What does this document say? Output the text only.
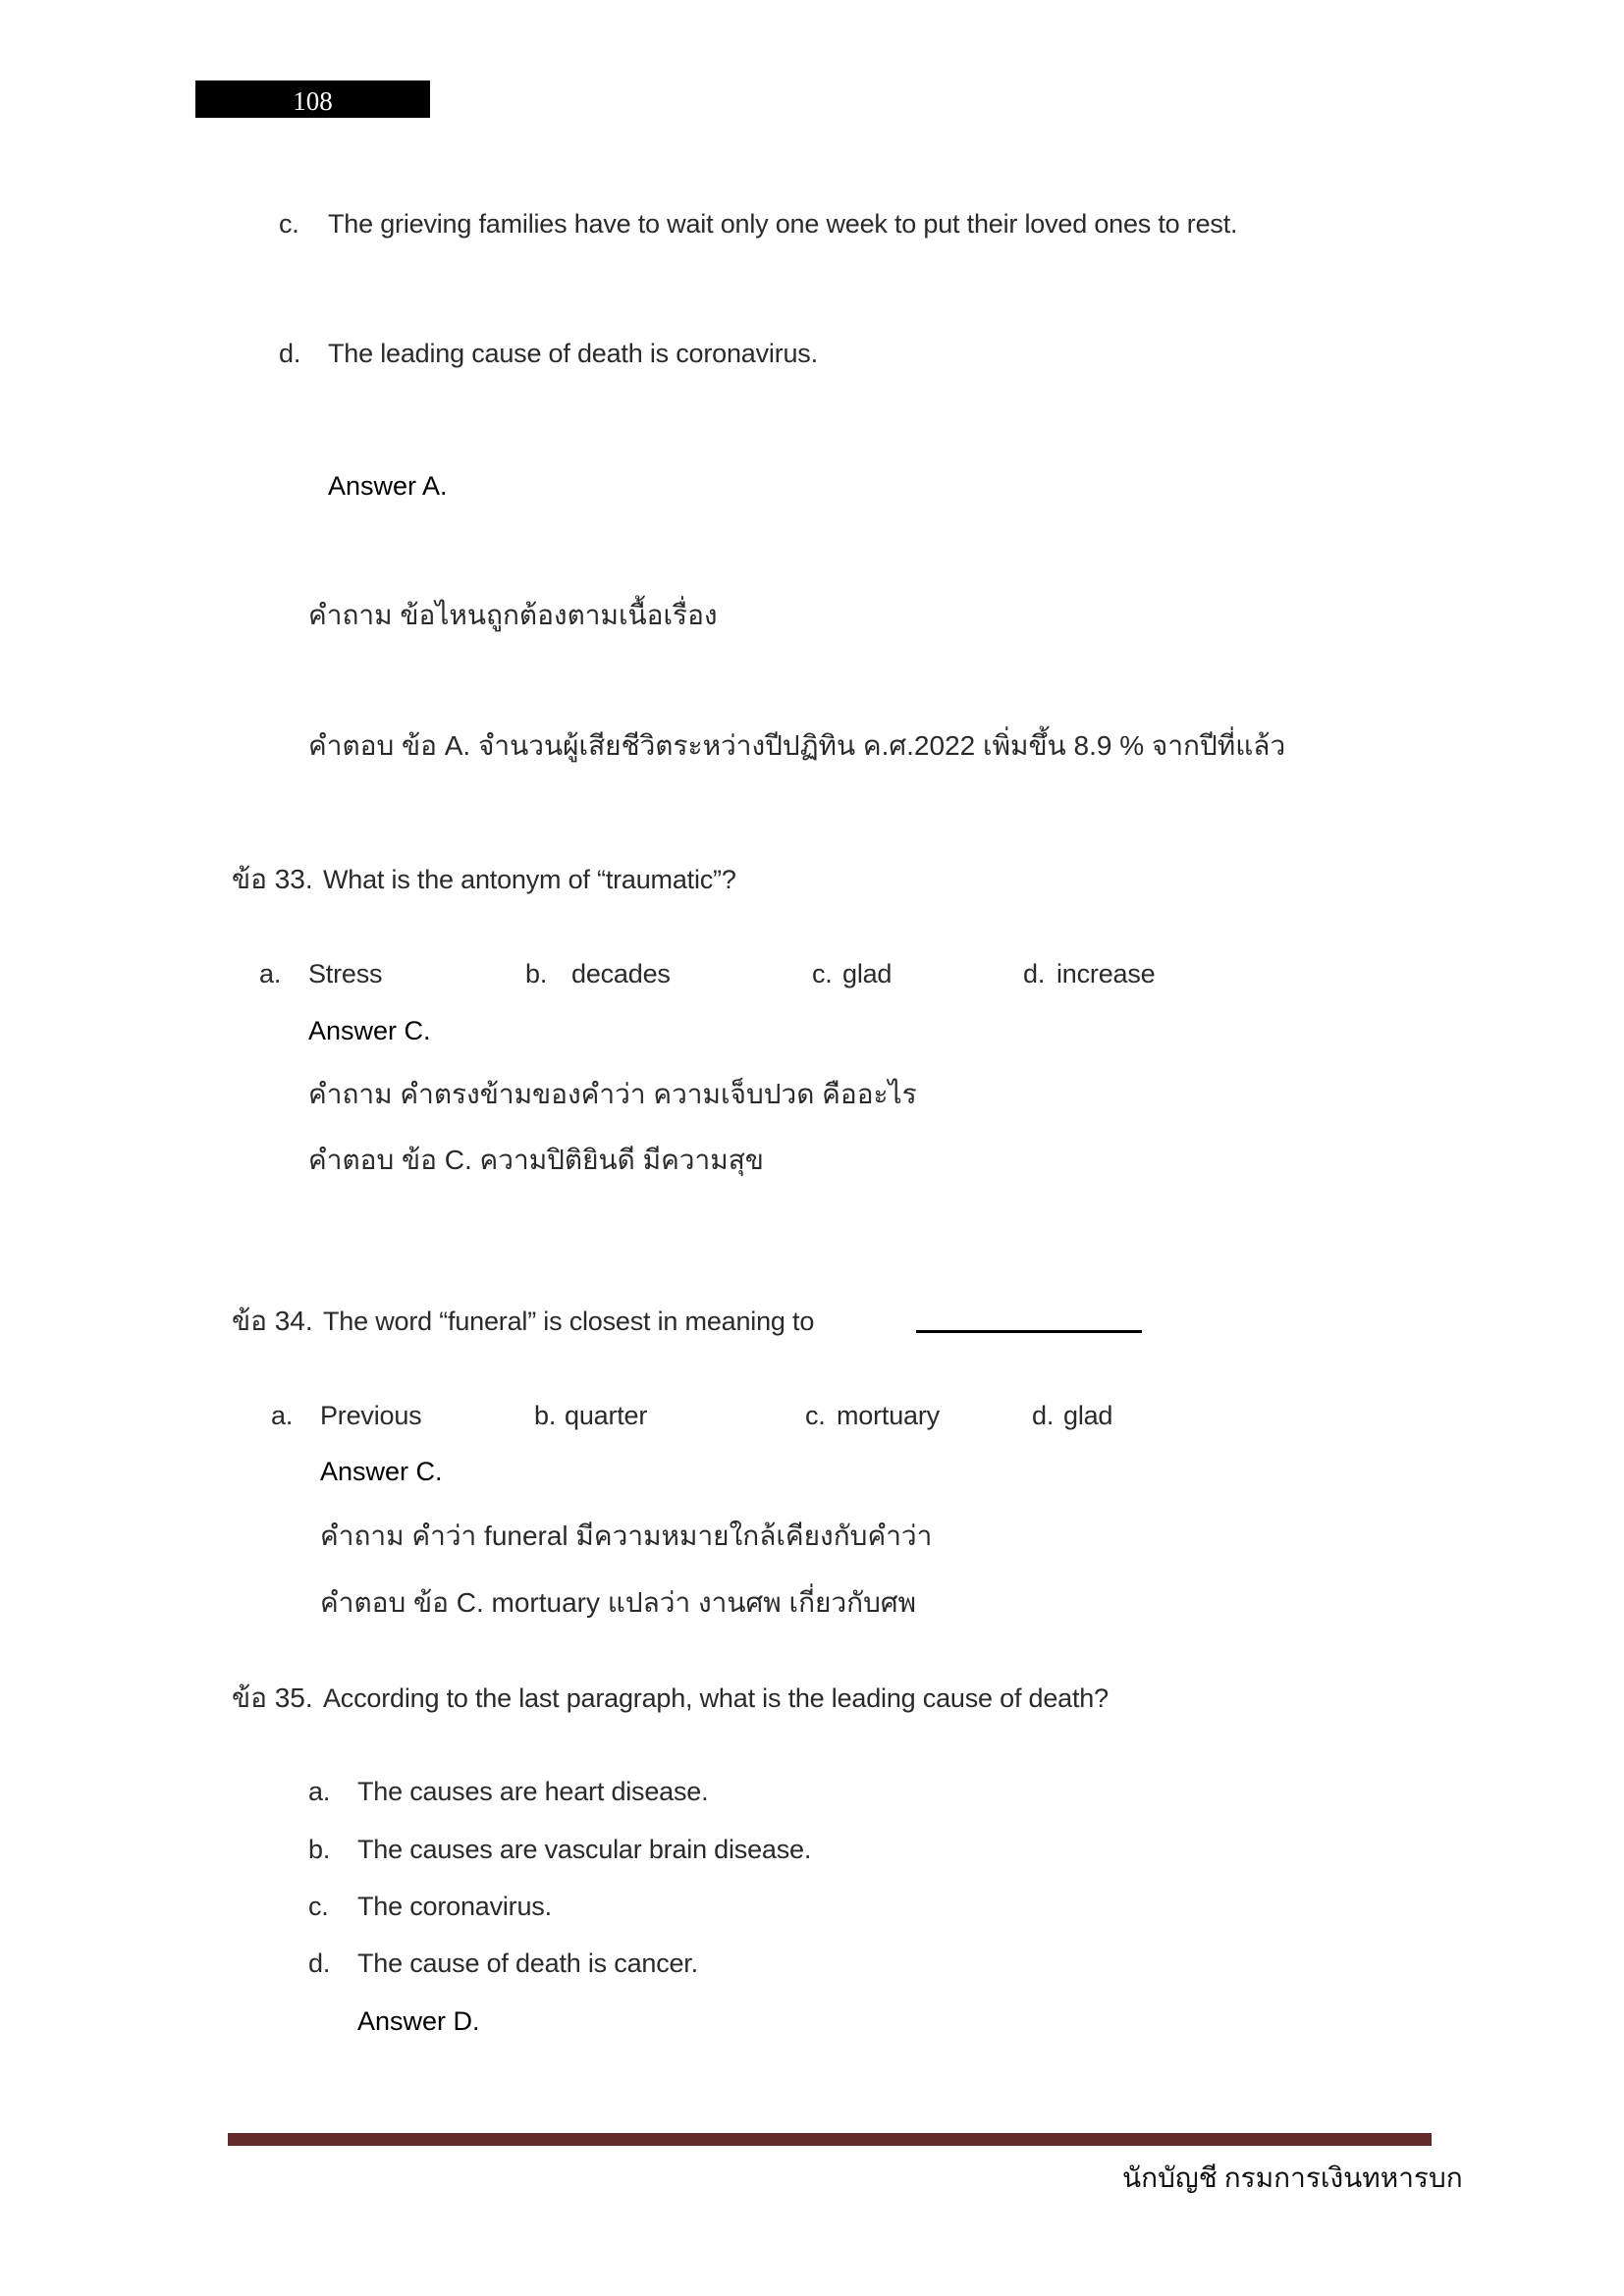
108
c. The grieving families have to wait only one week to put their loved ones to rest.
d. The leading cause of death is coronavirus.
Answer A.
คำถาม ข้อไหนถูกต้องตามเนื้อเรื่อง
คำตอบ ข้อ A. จำนวนผู้เสียชีวิตระหว่างปีปฏิทิน ค.ศ.2022 เพิ่มขึ้น 8.9 % จากปีที่แล้ว
ข้อ 33. What is the antonym of “traumatic”?
a. Stress	b. decades	c. glad	d. increase
Answer C.
คำถาม คำตรงข้ามของคำว่า ความเจ็บปวด คืออะไร
คำตอบ ข้อ C. ความปิติยินดี มีความสุข
ข้อ 34. The word “funeral” is closest in meaning to
a. Previous	b. quarter	c. mortuary	d. glad
Answer C.
คำถาม คำว่า funeral มีความหมายใกล้เคียงกับคำว่า
คำตอบ ข้อ C. mortuary แปลว่า งานศพ เกี่ยวกับศพ
ข้อ 35. According to the last paragraph, what is the leading cause of death?
a. The causes are heart disease.
b. The causes are vascular brain disease.
c. The coronavirus.
d. The cause of death is cancer.
Answer D.
นักบัญชี กรมการเงินทหารบก
